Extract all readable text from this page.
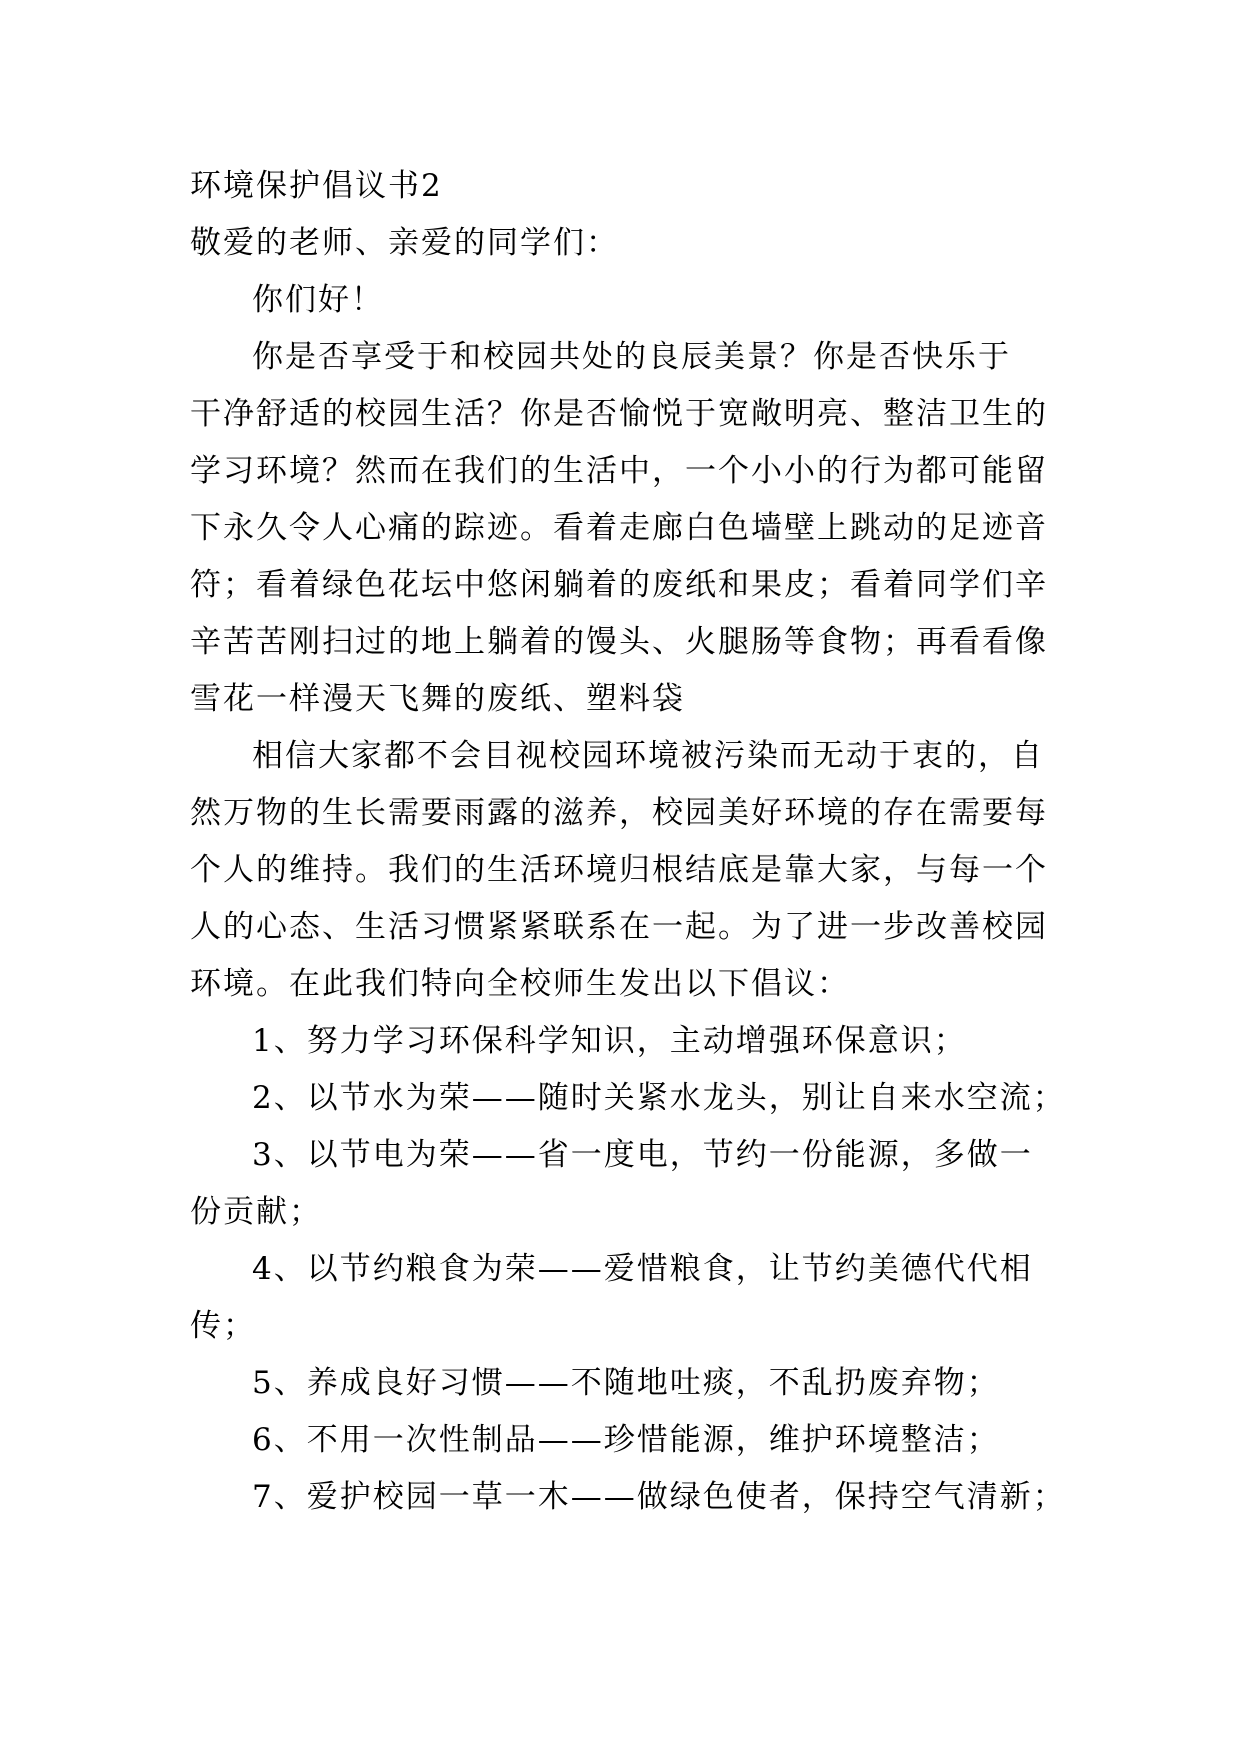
环境保护倡议书2

敬爱的老师、亲爱的同学们：

你们好！

你是否享受于和校园共处的良辰美景？你是否快乐于

干净舒适的校园生活？你是否愉悦于宽敞明亮、整洁卫生的

学习环境？然而在我们的生活中，一个小小的行为都可能留

下永久令人心痛的踪迹。看着走廊白色墙壁上跳动的足迹音

符；看着绿色花坛中悠闲躺着的废纸和果皮；看着同学们辛

辛苦苦刚扫过的地上躺着的馒头、火腿肠等食物；再看看像

雪花一样漫天飞舞的废纸、塑料袋

相信大家都不会目视校园环境被污染而无动于衷的，自

然万物的生长需要雨露的滋养，校园美好环境的存在需要每

个人的维持。我们的生活环境归根结底是靠大家，与每一个

人的心态、生活习惯紧紧联系在一起。为了进一步改善校园

环境。在此我们特向全校师生发出以下倡议：

1、努力学习环保科学知识，主动增强环保意识；

2、以节水为荣——随时关紧水龙头，别让自来水空流；

3、以节电为荣——省一度电，节约一份能源，多做一

份贡献；

4、以节约粮食为荣——爱惜粮食，让节约美德代代相

传；

5、养成良好习惯——不随地吐痰，不乱扔废弃物；

6、不用一次性制品——珍惜能源，维护环境整洁；

7、爱护校园一草一木——做绿色使者，保持空气清新；
